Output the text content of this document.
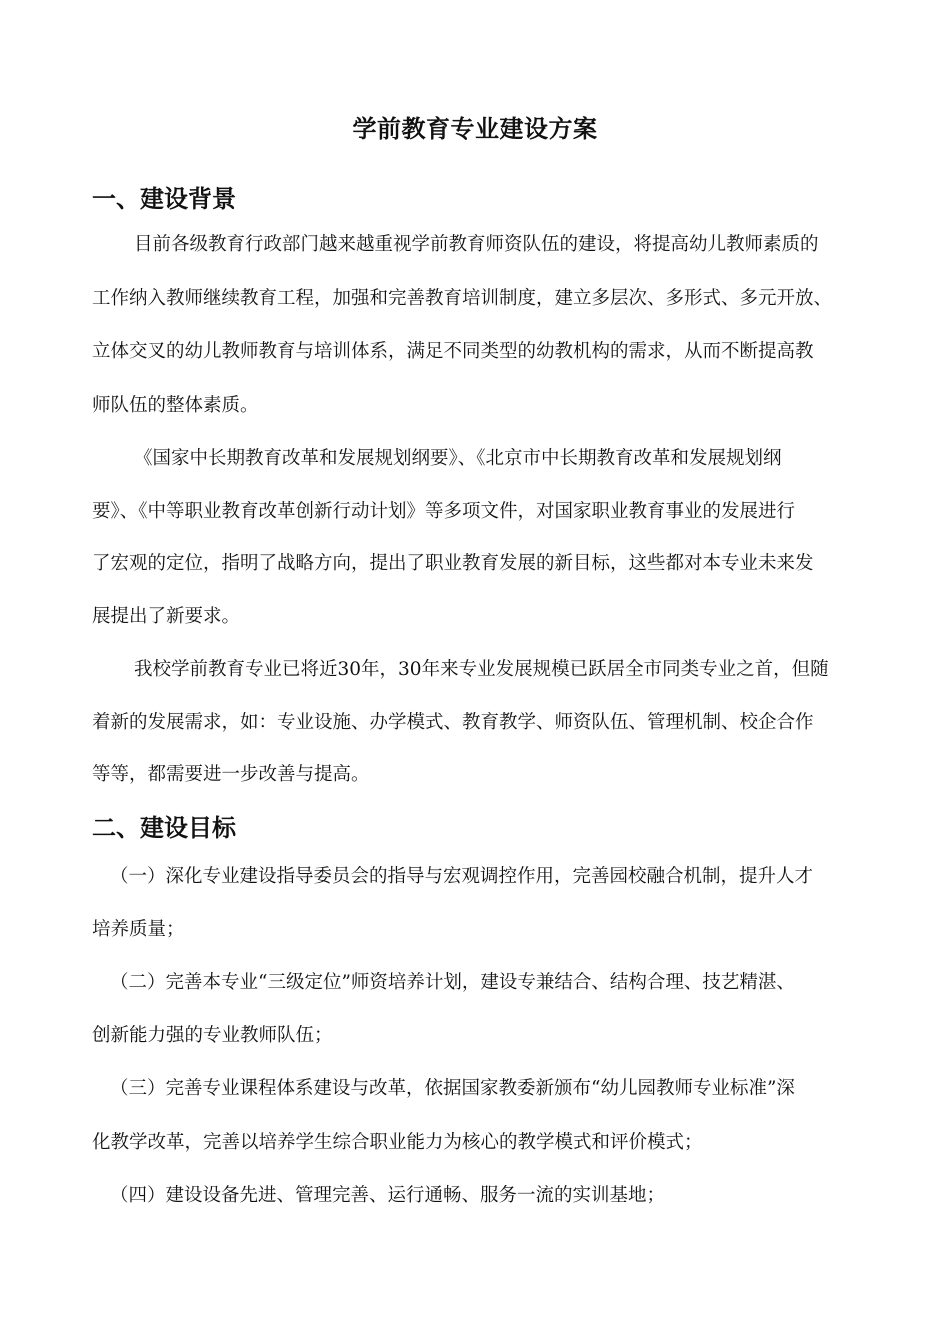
学前教育专业建设方案
一、建设背景
目前各级教育行政部门越来越重视学前教育师资队伍的建设，将提高幼儿教师素质的
工作纳入教师继续教育工程，加强和完善教育培训制度，建立多层次、多形式、多元开放、
立体交叉的幼儿教师教育与培训体系，满足不同类型的幼教机构的需求，从而不断提高教
师队伍的整体素质。
《国家中长期教育改革和发展规划纲要》、《北京市中长期教育改革和发展规划纲
要》、《中等职业教育改革创新行动计划》等多项文件，对国家职业教育事业的发展进行
了宏观的定位，指明了战略方向，提出了职业教育发展的新目标，这些都对本专业未来发
展提出了新要求。
我校学前教育专业已将近30年，30年来专业发展规模已跃居全市同类专业之首，但随
着新的发展需求，如：专业设施、办学模式、教育教学、师资队伍、管理机制、校企合作
等等，都需要进一步改善与提高。
二、建设目标
（一）深化专业建设指导委员会的指导与宏观调控作用，完善园校融合机制，提升人才
培养质量；
（二）完善本专业“三级定位”师资培养计划，建设专兼结合、结构合理、技艺精湛、
创新能力强的专业教师队伍；
（三）完善专业课程体系建设与改革，依据国家教委新颁布“幼儿园教师专业标准”深
化教学改革，完善以培养学生综合职业能力为核心的教学模式和评价模式；
（四）建设设备先进、管理完善、运行通畅、服务一流的实训基地；
